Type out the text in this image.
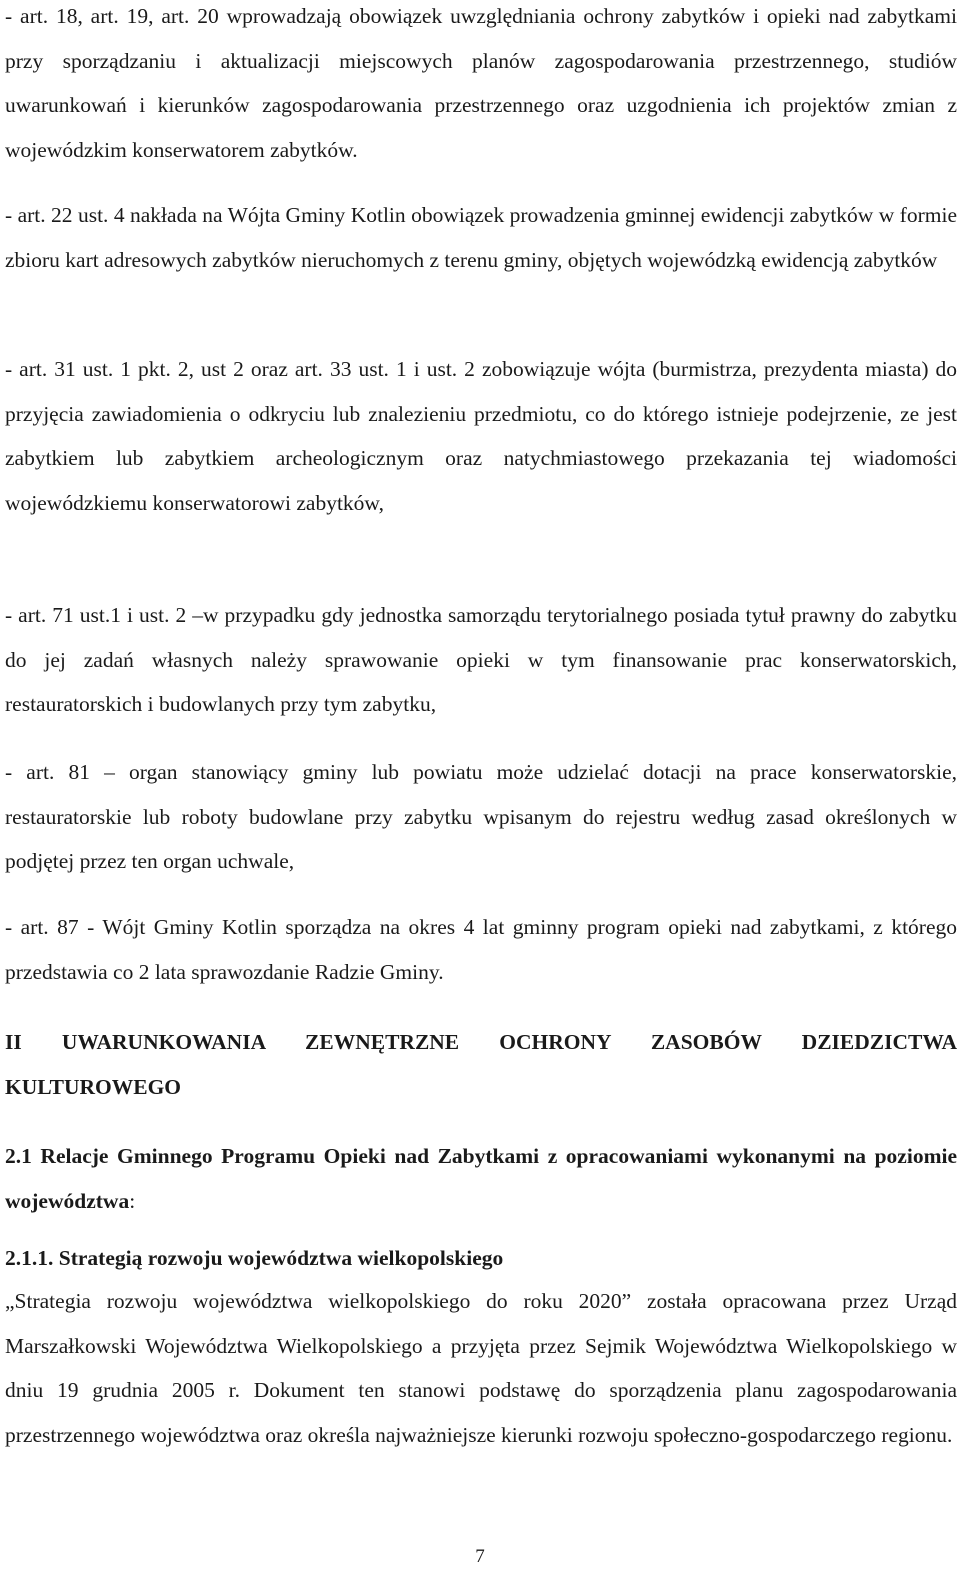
- art. 18, art. 19, art. 20 wprowadzają obowiązek uwzględniania ochrony zabytków i opieki nad zabytkami przy sporządzaniu i aktualizacji miejscowych planów zagospodarowania przestrzennego, studiów uwarunkowań i kierunków zagospodarowania przestrzennego oraz uzgodnienia ich projektów zmian z wojewódzkim konserwatorem zabytków.

- art. 22 ust. 4 nakłada na Wójta Gminy Kotlin obowiązek prowadzenia gminnej ewidencji zabytków w formie zbioru kart adresowych zabytków nieruchomych z terenu gminy, objętych wojewódzką ewidencją zabytków

- art. 31 ust. 1 pkt. 2, ust 2 oraz art. 33 ust. 1 i ust. 2 zobowiązuje wójta (burmistrza, prezydenta miasta) do przyjęcia zawiadomienia o odkryciu lub znalezieniu przedmiotu, co do którego istnieje podejrzenie, ze jest zabytkiem lub zabytkiem archeologicznym oraz natychmiastowego przekazania tej wiadomości wojewódzkiemu konserwatorowi zabytków,

- art. 71 ust.1 i ust. 2 –w przypadku gdy jednostka samorządu terytorialnego posiada tytuł prawny do zabytku do jej zadań własnych należy sprawowanie opieki w tym finansowanie prac konserwatorskich, restauratorskich i budowlanych przy tym zabytku,

- art. 81 – organ stanowiący gminy lub powiatu może udzielać dotacji na prace konserwatorskie, restauratorskie lub roboty budowlane przy zabytku wpisanym do rejestru według zasad określonych w podjętej przez ten organ uchwale,

- art. 87 - Wójt Gminy Kotlin sporządza na okres 4 lat gminny program opieki nad zabytkami, z którego przedstawia co 2 lata sprawozdanie Radzie Gminy.

II UWARUNKOWANIA ZEWNĘTRZNE OCHRONY ZASOBÓW DZIEDZICTWA KULTUROWEGO
2.1 Relacje Gminnego Programu Opieki nad Zabytkami z opracowaniami wykonanymi na poziomie województwa:
2.1.1. Strategią rozwoju województwa wielkopolskiego

„Strategia rozwoju województwa wielkopolskiego do roku 2020” została opracowana przez Urząd Marszałkowski Województwa Wielkopolskiego a przyjęta przez Sejmik Województwa Wielkopolskiego w dniu 19 grudnia 2005 r. Dokument ten stanowi podstawę do sporządzenia planu zagospodarowania przestrzennego województwa oraz określa najważniejsze kierunki rozwoju społeczno-gospodarczego regionu.

7
